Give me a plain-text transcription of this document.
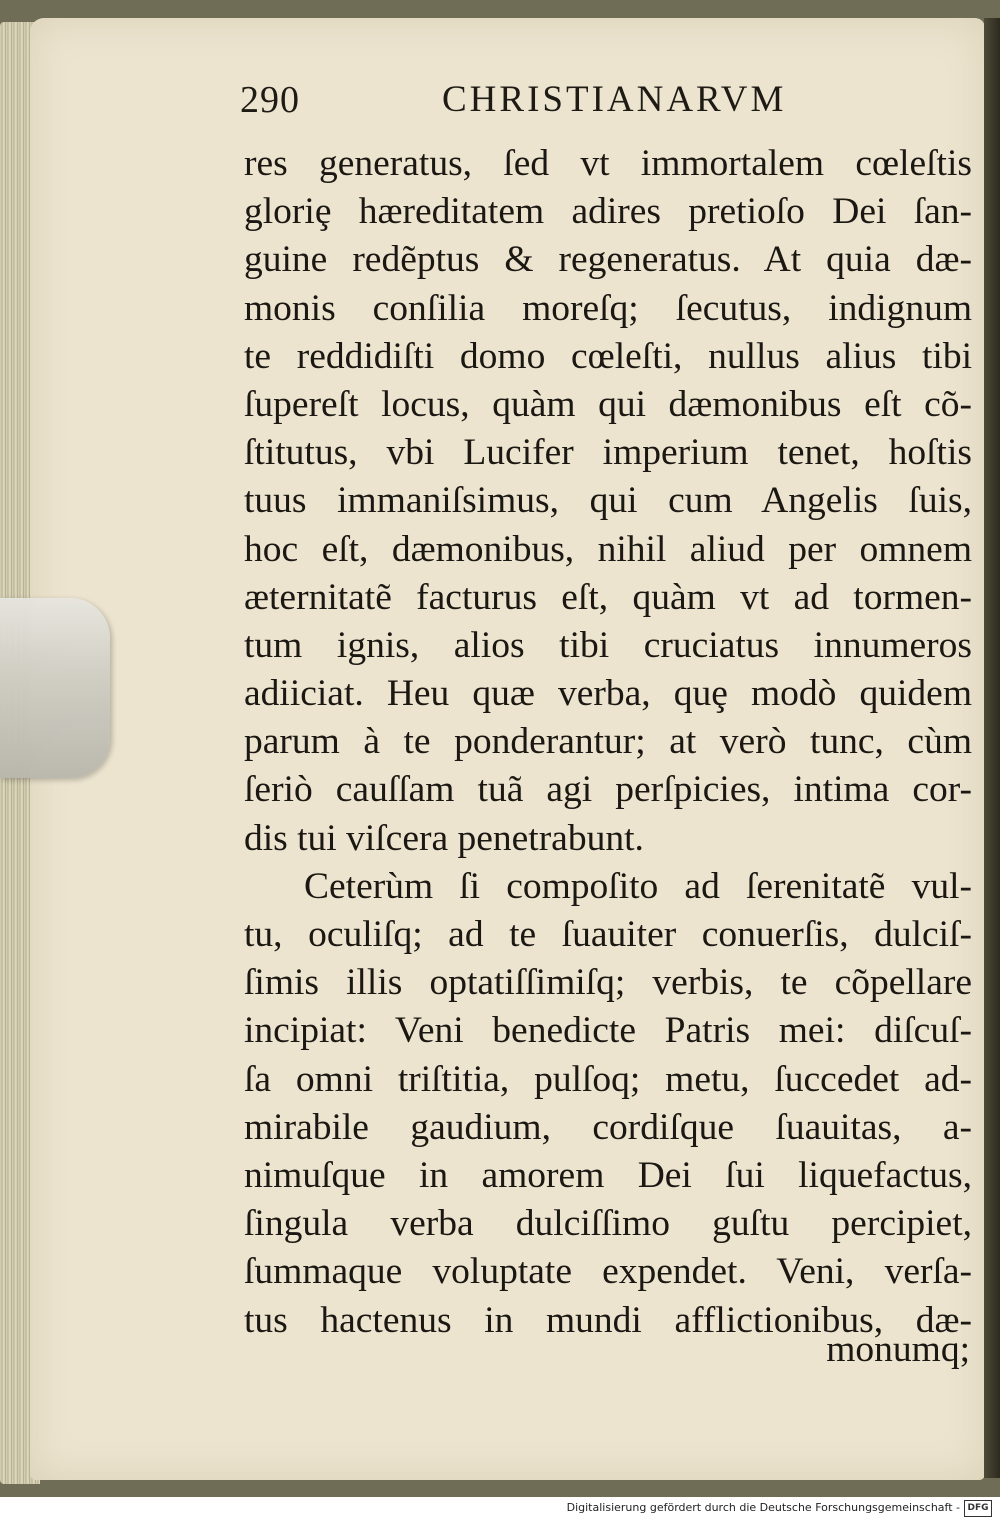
290	CHRISTIANARVM
res generatus, ſed vt immortalem cœleſtis
gloriȩ hæreditatem adires pretioſo Dei ſan-
guine redẽptus & regeneratus. At quia dæ-
monis conſilia moreſq; ſecutus, indignum
te reddidiſti domo cœleſti, nullus alius tibi
ſupereſt locus, quàm qui dæmonibus eſt cõ-
ſtitutus, vbi Lucifer imperium tenet, hoſtis
tuus immaniſsimus, qui cum Angelis ſuis,
hoc eſt, dæmonibus, nihil aliud per omnem
æternitatẽ facturus eſt, quàm vt ad tormen-
tum ignis, alios tibi cruciatus innumeros
adiiciat. Heu quæ verba, quȩ modò quidem
parum à te ponderantur; at verò tunc, cùm
ſeriò cauſſam tuã agi perſpicies, intima cor-
dis tui viſcera penetrabunt.
Ceterùm ſi compoſito ad ſerenitatẽ vul-
tu, oculiſq; ad te ſuauiter conuerſis, dulciſ-
ſimis illis optatiſſimiſq; verbis, te cõpellare
incipiat: Veni benedicte Patris mei: diſcuſ-
ſa omni triſtitia, pulſoq; metu, ſuccedet ad-
mirabile gaudium, cordiſque ſuauitas, a-
nimuſque in amorem Dei ſui liquefactus,
ſingula verba dulciſſimo guſtu percipiet,
ſummaque voluptate expendet. Veni, verſa-
tus hactenus in mundi afflictionibus, dæ-
monumq;
Digitalisierung gefördert durch die Deutsche Forschungsgemeinschaft - DFG
